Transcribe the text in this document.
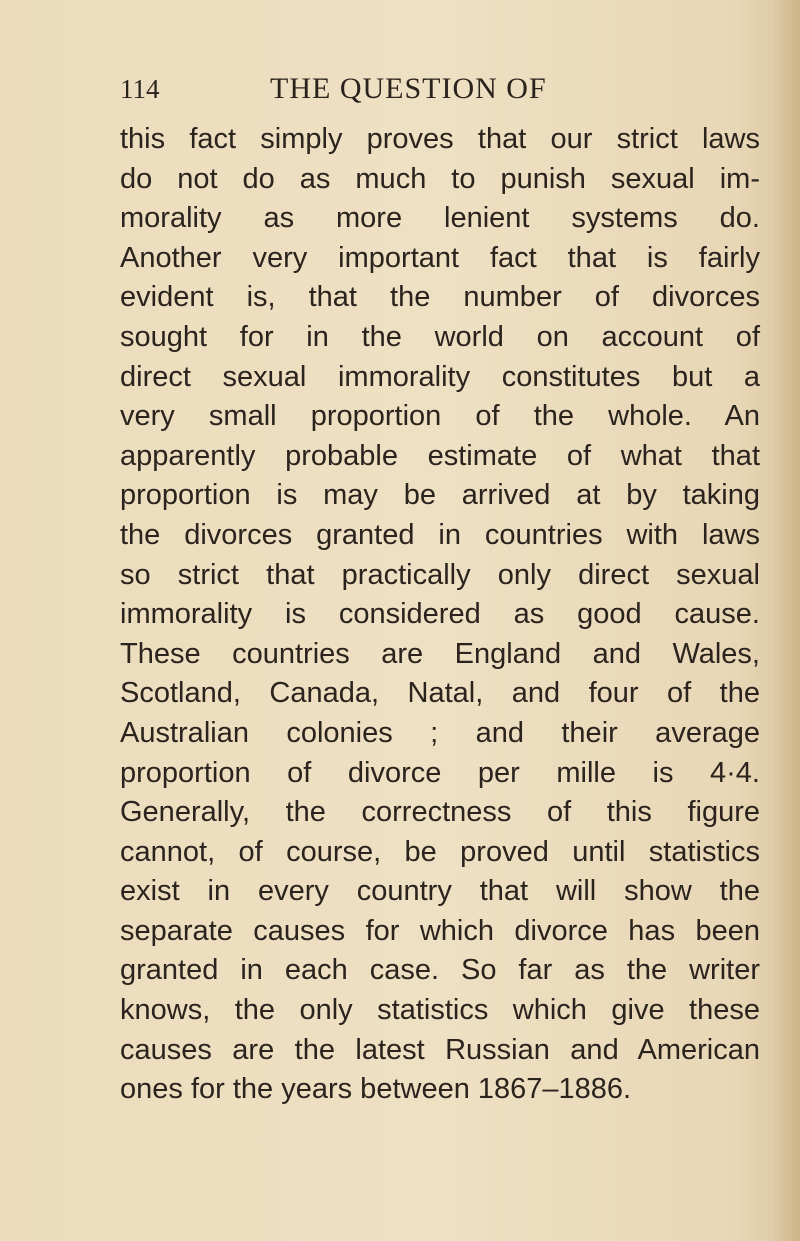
114	THE QUESTION OF
this fact simply proves that our strict laws
do not do as much to punish sexual im-
morality as more lenient systems do.
Another very important fact that is fairly
evident is, that the number of divorces
sought for in the world on account of
direct sexual immorality constitutes but a
very small proportion of the whole. An
apparently probable estimate of what that
proportion is may be arrived at by taking
the divorces granted in countries with laws
so strict that practically only direct sexual
immorality is considered as good cause.
These countries are England and Wales,
Scotland, Canada, Natal, and four of the
Australian colonies ; and their average
proportion of divorce per mille is 4·4.
Generally, the correctness of this figure
cannot, of course, be proved until statistics
exist in every country that will show the
separate causes for which divorce has been
granted in each case. So far as the writer
knows, the only statistics which give these
causes are the latest Russian and American
ones for the years between 1867–1886.
